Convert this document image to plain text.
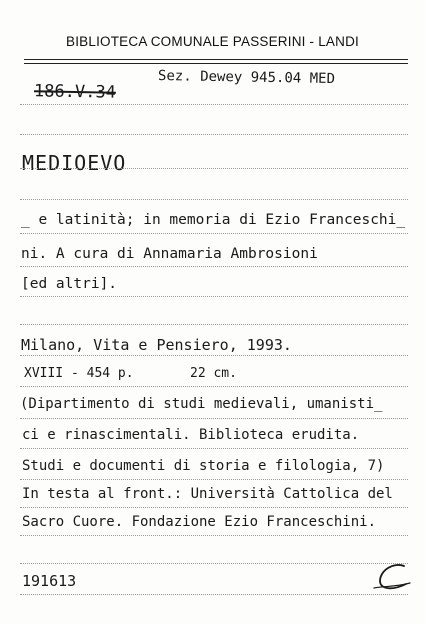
BIBLIOTECA COMUNALE PASSERINI - LANDI
186.V.34
Sez. Dewey 945.04 MED
MEDIOEVO
_ e latinità; in memoria di Ezio Franceschi_
ni. A cura di Annamaria Ambrosioni
[ed altri].
Milano, Vita e Pensiero, 1993.
XVIII - 454 p.	22 cm.
(Dipartimento di studi medievali, umanisti_
ci e rinascimentali. Biblioteca erudita.
Studi e documenti di storia e filologia, 7)
In testa al front.: Università Cattolica del
Sacro Cuore. Fondazione Ezio Franceschini.
191613
